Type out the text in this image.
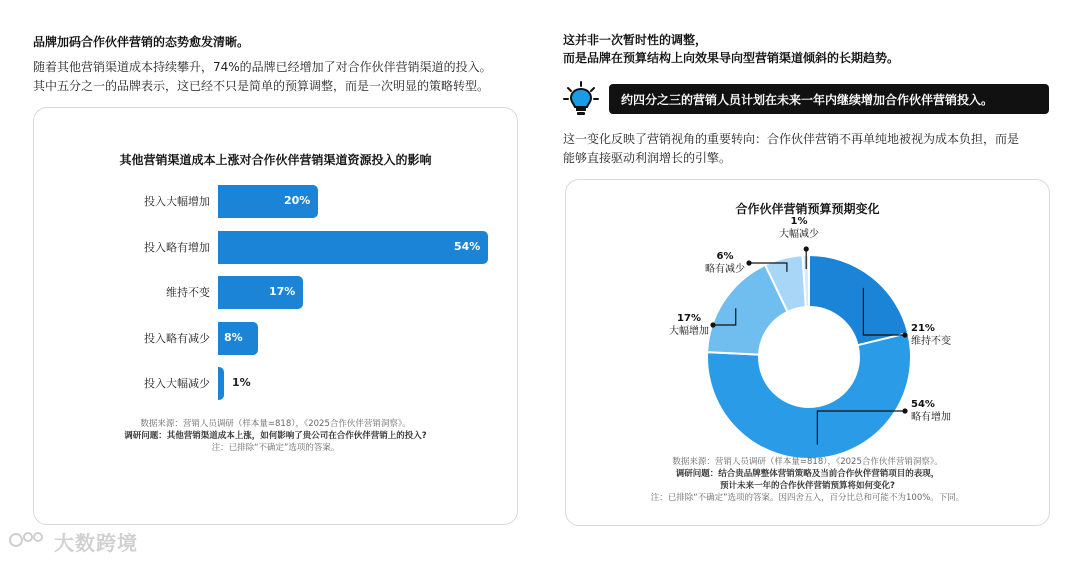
品牌加码合作伙伴营销的态势愈发清晰。
随着其他营销渠道成本持续攀升，74%的品牌已经增加了对合作伙伴营销渠道的投入。
其中五分之一的品牌表示，这已经不只是简单的预算调整，而是一次明显的策略转型。
其他营销渠道成本上涨对合作伙伴营销渠道资源投入的影响
投入大幅增加	20%
投入略有增加	54%
维持不变	17%
投入略有减少 8%
投入大幅减少 1%
数据来源：营销人员调研（样本量=818），《2025合作伙伴营销洞察》。
调研问题：其他营销渠道成本上涨，如何影响了贵公司在合作伙伴营销上的投入?
注：已排除“不确定”选项的答案。
这并非一次暂时性的调整，
而是品牌在预算结构上向效果导向型营销渠道倾斜的长期趋势。
约四分之三的营销人员计划在未来一年内继续增加合作伙伴营销投入。
这一变化反映了营销视角的重要转向：合作伙伴营销不再单纯地被视为成本负担，而是
能够直接驱动利润增长的引擎。
合作伙伴营销预算预期变化
21%
维持不变
54%
略有增加
17%
大幅增加
6%
略有减少
1%
大幅减少
数据来源：营销人员调研（样本量=818），《2025合作伙伴营销洞察》。
调研问题：结合贵品牌整体营销策略及当前合作伙伴营销项目的表现，
预计未来一年的合作伙伴营销预算将如何变化?
注：已排除“不确定”选项的答案。因四舍五入，百分比总和可能不为100%。下同。
大数跨境
